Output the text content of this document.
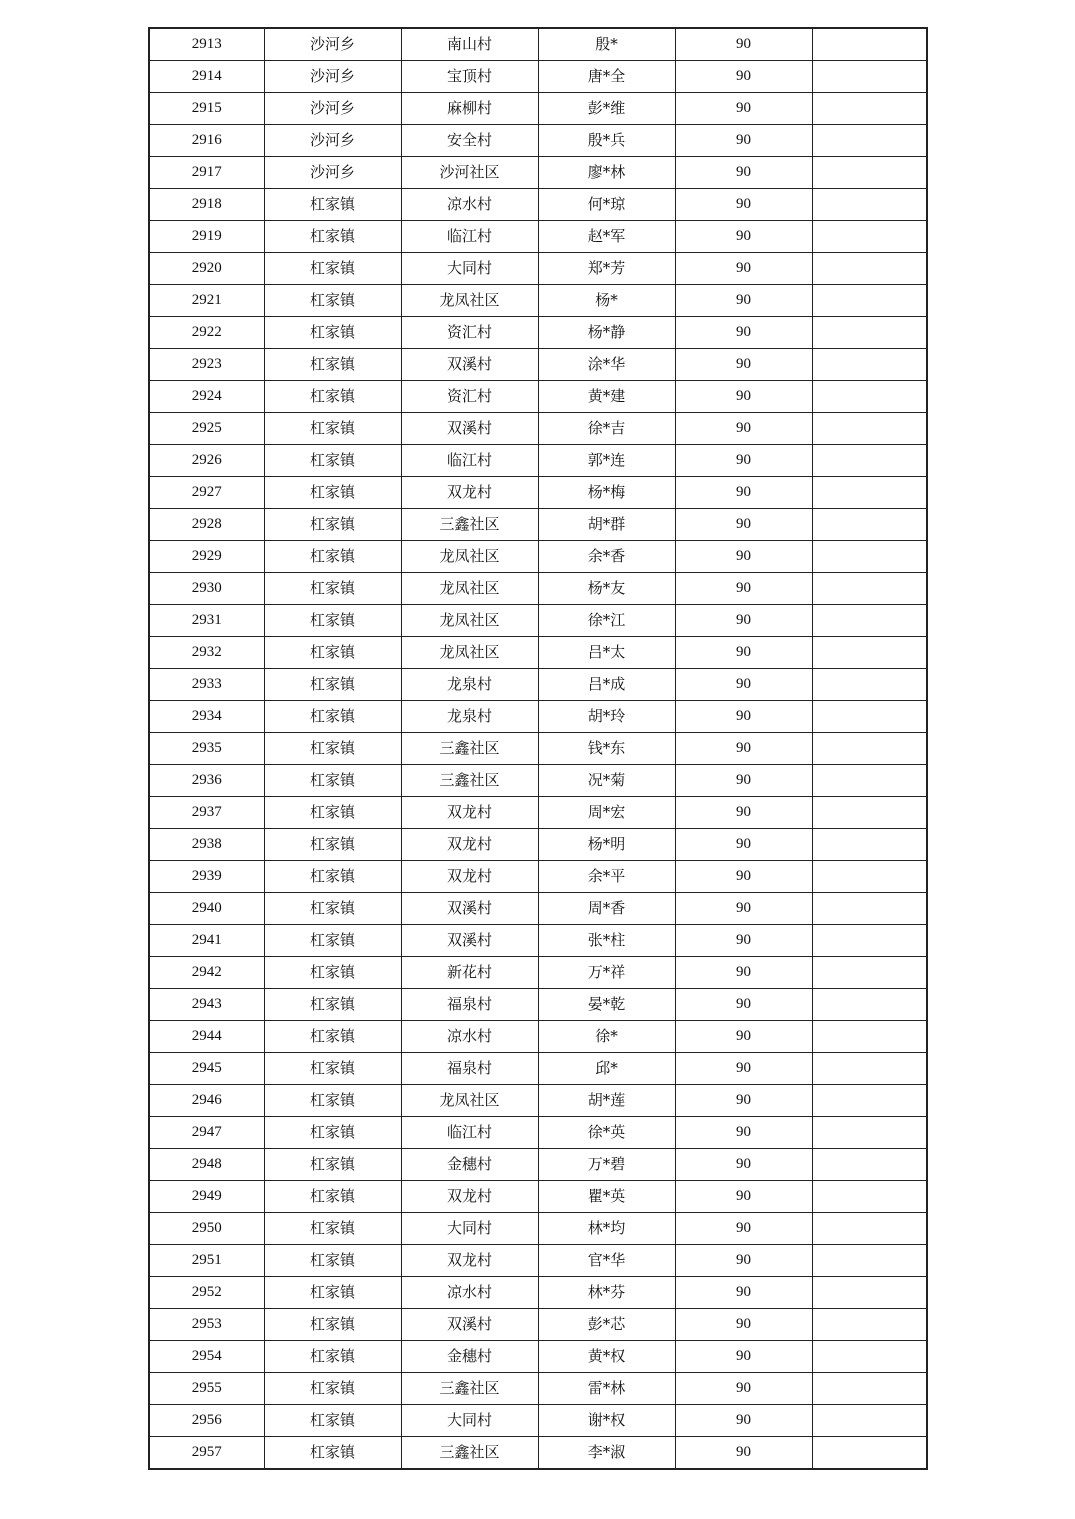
2913	沙河乡	南山村	殷*	90	
2914	沙河乡	宝顶村	唐*全	90	
2915	沙河乡	麻柳村	彭*维	90	
2916	沙河乡	安全村	殷*兵	90	
2917	沙河乡	沙河社区	廖*林	90	
2918	杠家镇	凉水村	何*琼	90	
2919	杠家镇	临江村	赵*军	90	
2920	杠家镇	大同村	郑*芳	90	
2921	杠家镇	龙凤社区	杨*	90	
2922	杠家镇	资汇村	杨*静	90	
2923	杠家镇	双溪村	涂*华	90	
2924	杠家镇	资汇村	黄*建	90	
2925	杠家镇	双溪村	徐*吉	90	
2926	杠家镇	临江村	郭*连	90	
2927	杠家镇	双龙村	杨*梅	90	
2928	杠家镇	三鑫社区	胡*群	90	
2929	杠家镇	龙凤社区	余*香	90	
2930	杠家镇	龙凤社区	杨*友	90	
2931	杠家镇	龙凤社区	徐*江	90	
2932	杠家镇	龙凤社区	吕*太	90	
2933	杠家镇	龙泉村	吕*成	90	
2934	杠家镇	龙泉村	胡*玲	90	
2935	杠家镇	三鑫社区	钱*东	90	
2936	杠家镇	三鑫社区	况*菊	90	
2937	杠家镇	双龙村	周*宏	90	
2938	杠家镇	双龙村	杨*明	90	
2939	杠家镇	双龙村	余*平	90	
2940	杠家镇	双溪村	周*香	90	
2941	杠家镇	双溪村	张*柱	90	
2942	杠家镇	新花村	万*祥	90	
2943	杠家镇	福泉村	晏*乾	90	
2944	杠家镇	凉水村	徐*	90	
2945	杠家镇	福泉村	邱*	90	
2946	杠家镇	龙凤社区	胡*莲	90	
2947	杠家镇	临江村	徐*英	90	
2948	杠家镇	金穗村	万*碧	90	
2949	杠家镇	双龙村	瞿*英	90	
2950	杠家镇	大同村	林*均	90	
2951	杠家镇	双龙村	官*华	90	
2952	杠家镇	凉水村	林*芬	90	
2953	杠家镇	双溪村	彭*芯	90	
2954	杠家镇	金穗村	黄*权	90	
2955	杠家镇	三鑫社区	雷*林	90	
2956	杠家镇	大同村	谢*权	90	
2957	杠家镇	三鑫社区	李*淑	90	
